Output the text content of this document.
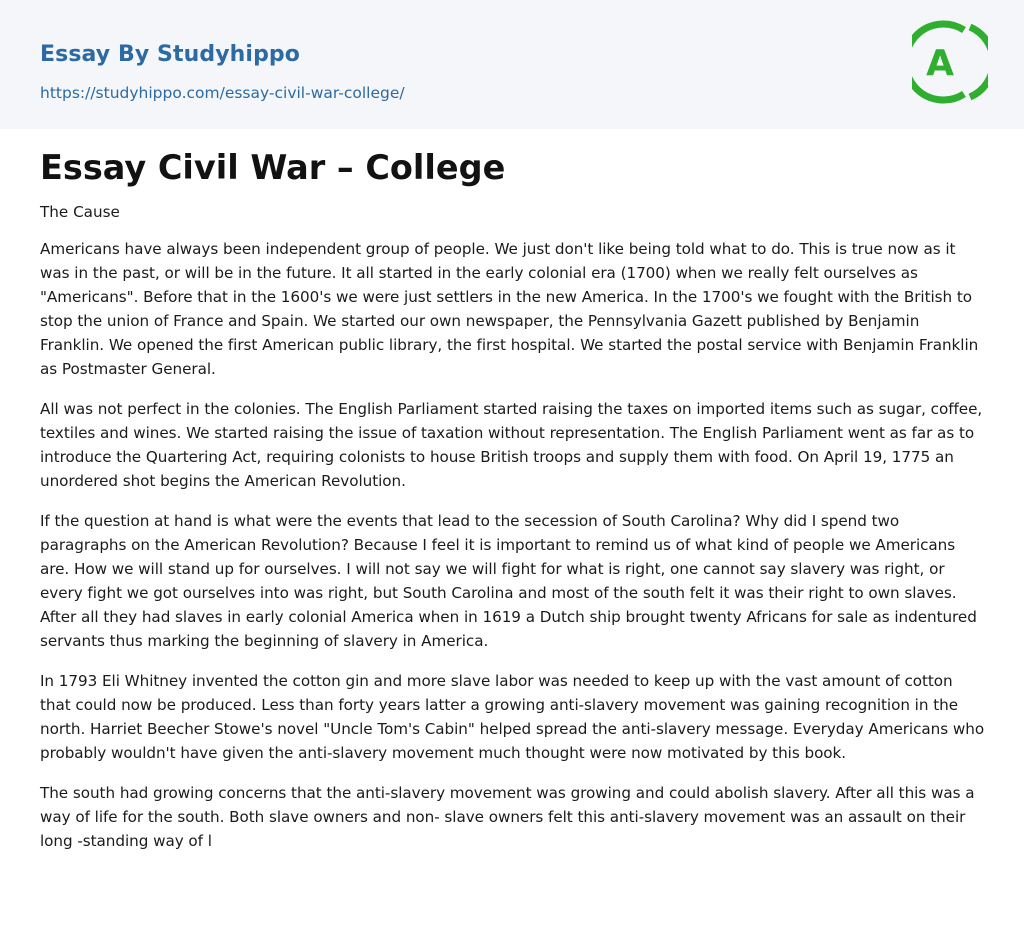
Essay By Studyhippo
https://studyhippo.com/essay-civil-war-college/
A
Essay Civil War – College
The Cause

Americans have always been independent group of people. We just don't like being told what to do. This is true now as it was in the past, or will be in the future. It all started in the early colonial era (1700) when we really felt ourselves as "Americans". Before that in the 1600's we were just settlers in the new America. In the 1700's we fought with the British to stop the union of France and Spain. We started our own newspaper, the Pennsylvania Gazett published by Benjamin Franklin. We opened the first American public library, the first hospital. We started the postal service with Benjamin Franklin as Postmaster General.

All was not perfect in the colonies. The English Parliament started raising the taxes on imported items such as sugar, coffee, textiles and wines. We started raising the issue of taxation without representation. The English Parliament went as far as to introduce the Quartering Act, requiring colonists to house British troops and supply them with food. On April 19, 1775 an unordered shot begins the American Revolution.

If the question at hand is what were the events that lead to the secession of South Carolina? Why did I spend two paragraphs on the American Revolution? Because I feel it is important to remind us of what kind of people we Americans are. How we will stand up for ourselves. I will not say we will fight for what is right, one cannot say slavery was right, or every fight we got ourselves into was right, but South Carolina and most of the south felt it was their right to own slaves. After all they had slaves in early colonial America when in 1619 a Dutch ship brought twenty Africans for sale as indentured servants thus marking the beginning of slavery in America.

In 1793 Eli Whitney invented the cotton gin and more slave labor was needed to keep up with the vast amount of cotton that could now be produced. Less than forty years latter a growing anti-slavery movement was gaining recognition in the north. Harriet Beecher Stowe's novel "Uncle Tom's Cabin" helped spread the anti-slavery message. Everyday Americans who probably wouldn't have given the anti-slavery movement much thought were now motivated by this book.

The south had growing concerns that the anti-slavery movement was growing and could abolish slavery. After all this was a way of life for the south. Both slave owners and non- slave owners felt this anti-slavery movement was an assault on their long -standing way of l
